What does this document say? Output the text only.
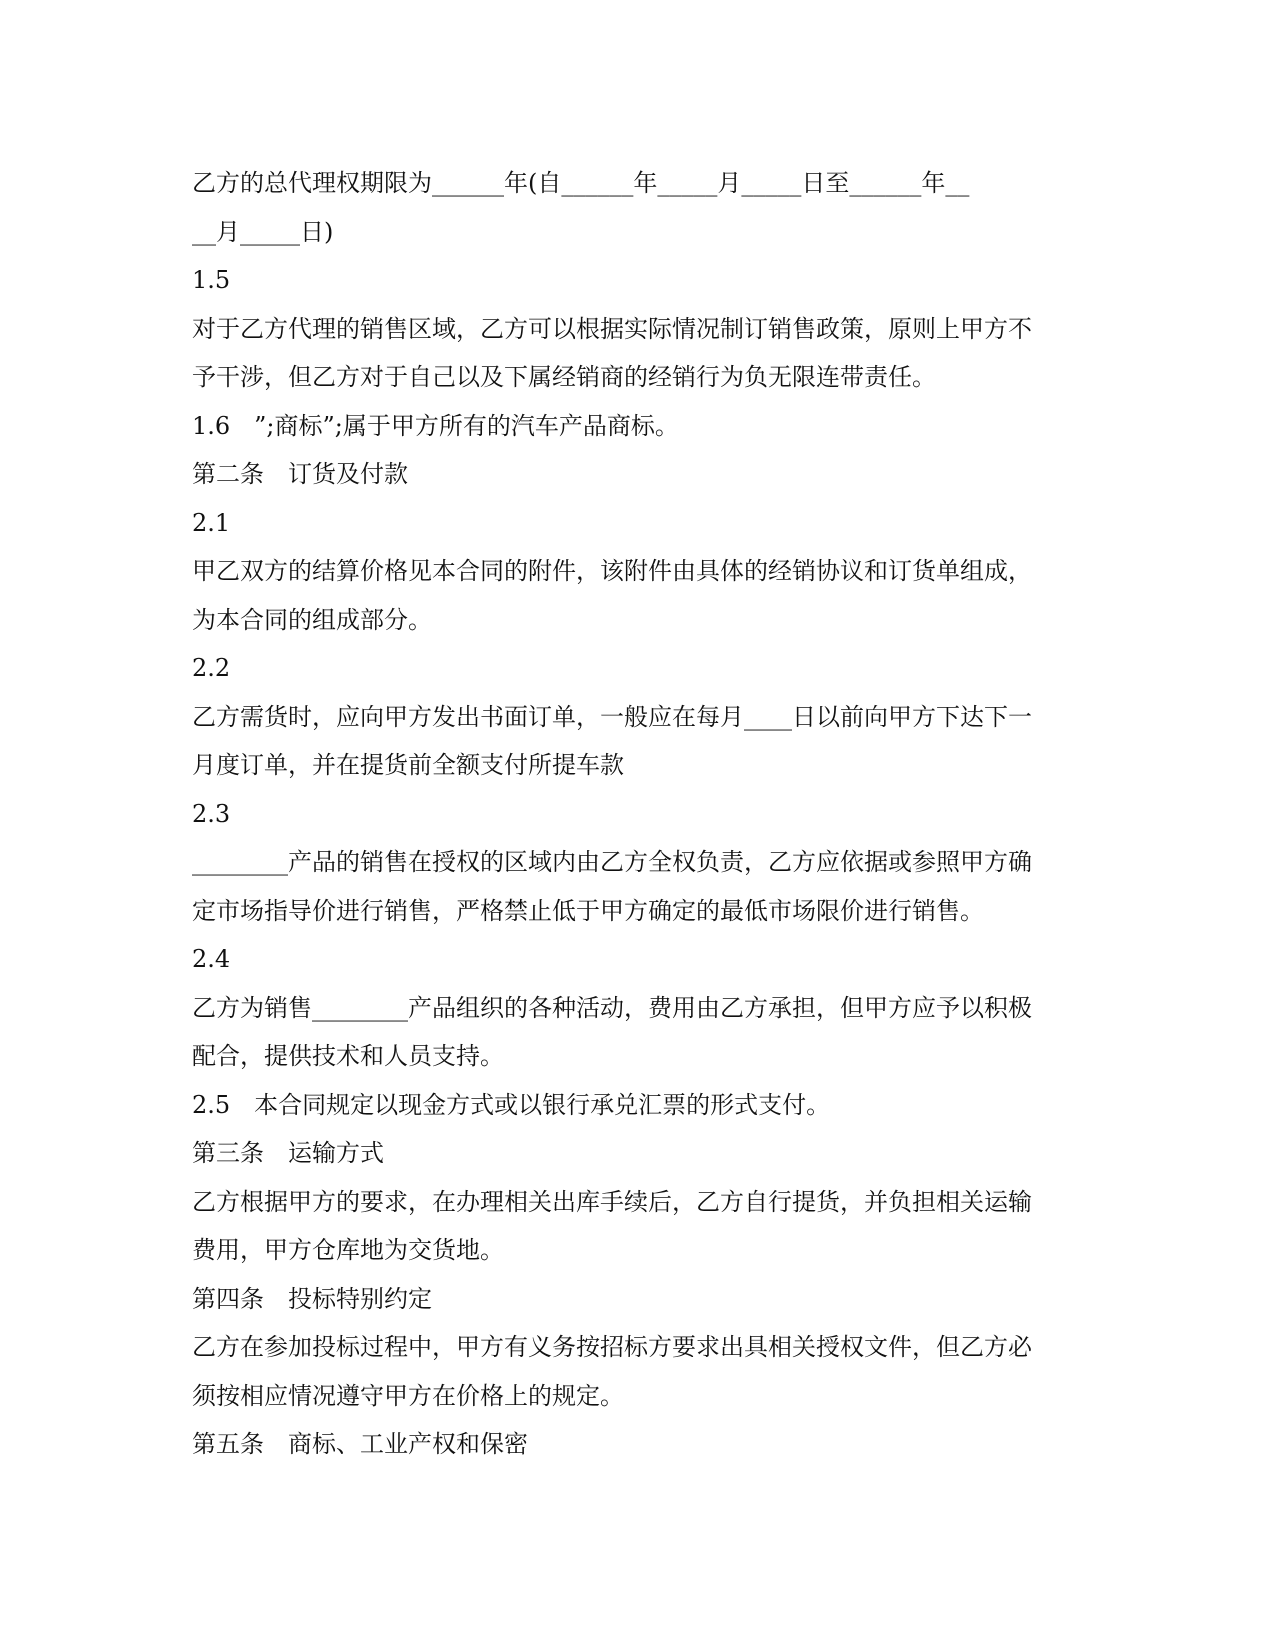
乙方的总代理权期限为______年(自______年_____月_____日至______年__

__月_____日)

1.5

对于乙方代理的销售区域，乙方可以根据实际情况制订销售政策，原则上甲方不

予干涉，但乙方对于自己以及下属经销商的经销行为负无限连带责任。

1.6　”;商标”;属于甲方所有的汽车产品商标。

第二条　订货及付款

2.1

甲乙双方的结算价格见本合同的附件，该附件由具体的经销协议和订货单组成，

为本合同的组成部分。

2.2

乙方需货时，应向甲方发出书面订单，一般应在每月____日以前向甲方下达下一

月度订单，并在提货前全额支付所提车款

2.3

________产品的销售在授权的区域内由乙方全权负责，乙方应依据或参照甲方确

定市场指导价进行销售，严格禁止低于甲方确定的最低市场限价进行销售。

2.4

乙方为销售________产品组织的各种活动，费用由乙方承担，但甲方应予以积极

配合，提供技术和人员支持。

2.5　本合同规定以现金方式或以银行承兑汇票的形式支付。

第三条　运输方式

乙方根据甲方的要求，在办理相关出库手续后，乙方自行提货，并负担相关运输

费用，甲方仓库地为交货地。

第四条　投标特别约定

乙方在参加投标过程中，甲方有义务按招标方要求出具相关授权文件，但乙方必

须按相应情况遵守甲方在价格上的规定。

第五条　商标、工业产权和保密
